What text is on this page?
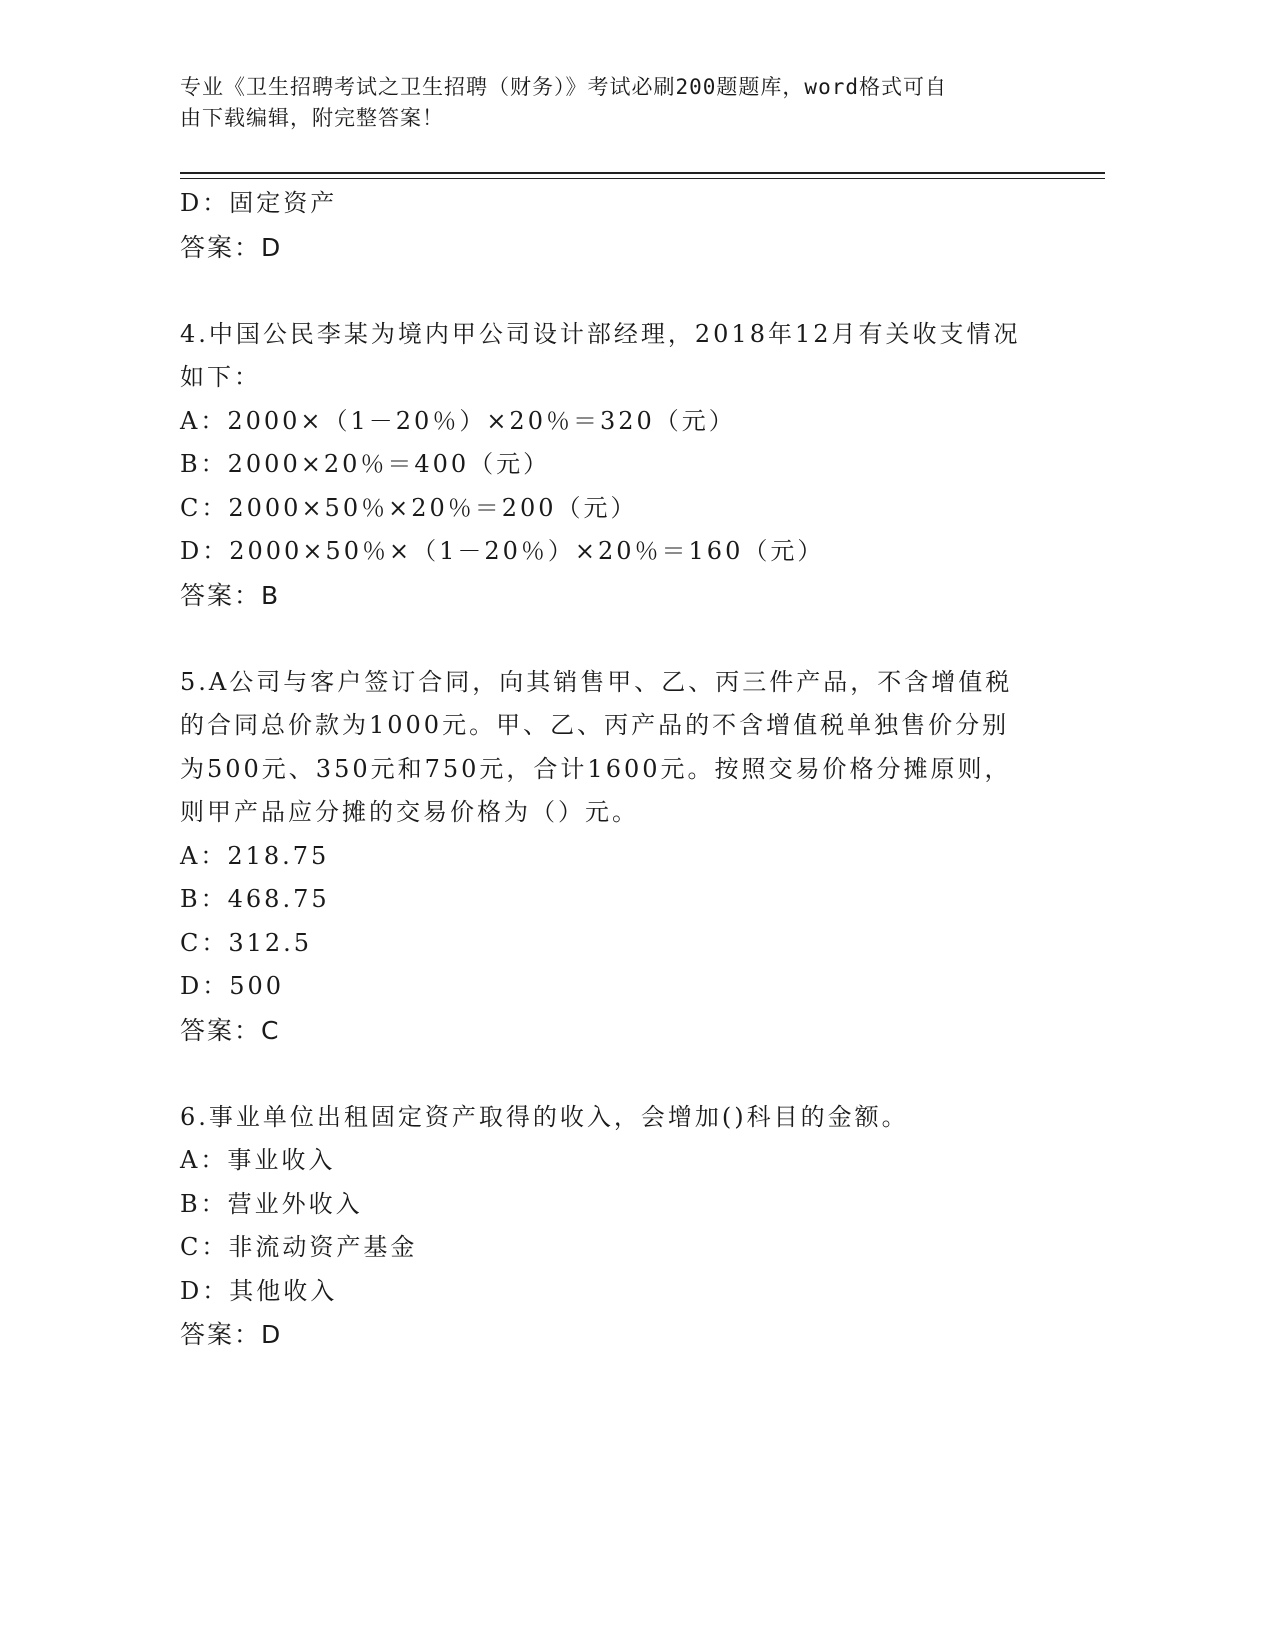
专业《卫生招聘考试之卫生招聘（财务）》考试必刷200题题库，word格式可自
由下载编辑，附完整答案！
D：固定资产
答案：D
4.中国公民李某为境内甲公司设计部经理，2018年12月有关收支情况
如下：
A：2000×（1－20％）×20％＝320（元）
B：2000×20％＝400（元）
C：2000×50％×20％＝200（元）
D：2000×50％×（1－20％）×20％＝160（元）
答案：B
5.A公司与客户签订合同，向其销售甲、乙、丙三件产品，不含增值税
的合同总价款为1000元。甲、乙、丙产品的不含增值税单独售价分别
为500元、350元和750元，合计1600元。按照交易价格分摊原则，
则甲产品应分摊的交易价格为（）元。
A：218.75
B：468.75
C：312.5
D：500
答案：C
6.事业单位出租固定资产取得的收入，会增加()科目的金额。
A：事业收入
B：营业外收入
C：非流动资产基金
D：其他收入
答案：D
